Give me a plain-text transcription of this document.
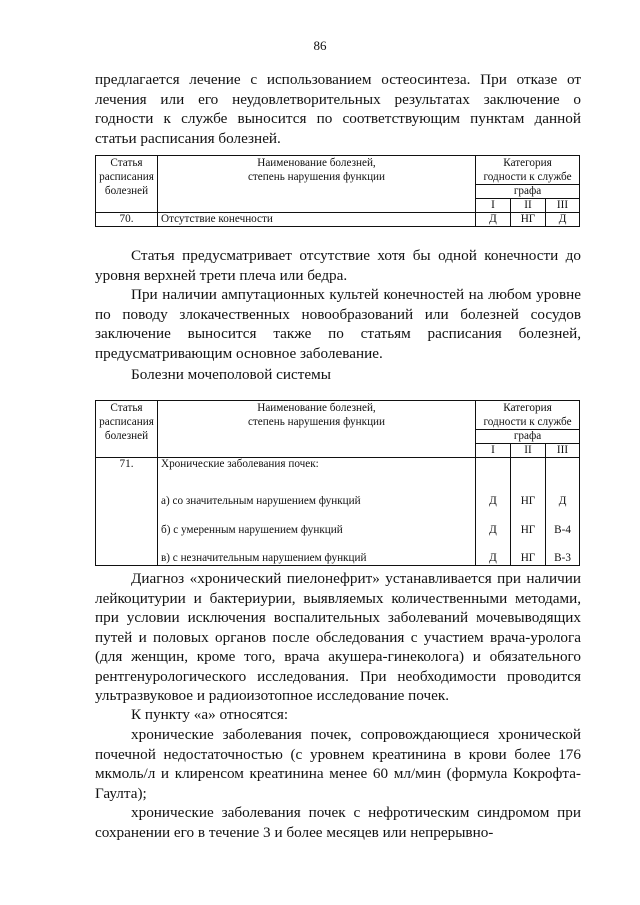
86

предлагается лечение с использованием остеосинтеза. При отказе от лечения или его неудовлетворительных результатах заключение о годности к службе выносится по соответствующим пунктам данной статьи расписания болезней.

Статья
расписания
болезней	Наименование болезней,
степень нарушения функции	Категория
годности к службе		
		графа		
		I	II	III
70.	Отсутствие конечности	Д	НГ	Д

Статья предусматривает отсутствие хотя бы одной конечности до уровня верхней трети плеча или бедра.

При наличии ампутационных культей конечностей на любом уровне по поводу злокачественных новообразований или болезней сосудов заключение выносится также по статьям расписания болезней, предусматривающим основное заболевание.

Болезни мочеполовой системы

Статья
расписания
болезней	Наименование болезней,
степень нарушения функции	Категория
годности к службе		
		графа		
		I	II	III
71.	Хронические заболевания почек:			
	а) со значительным нарушением функций	Д	НГ	Д
	б) с умеренным нарушением функций	Д	НГ	В-4
	в) с незначительным нарушением функций	Д	НГ	В-3

Диагноз «хронический пиелонефрит» устанавливается при наличии лейкоцитурии и бактериурии, выявляемых количественными методами, при условии исключения воспалительных заболеваний мочевыводящих путей и половых органов после обследования с участием врача-уролога (для женщин, кроме того, врача акушера-гинеколога) и обязательного рентгенурологического исследования. При необходимости проводится ультразвуковое и радиоизотопное исследование почек.

К пункту «а» относятся:

хронические заболевания почек, сопровождающиеся хронической почечной недостаточностью (с уровнем креатинина в крови более 176 мкмоль/л и клиренсом креатинина менее 60 мл/мин (формула Кокрофта-Гаулта);

хронические заболевания почек с нефротическим синдромом при сохранении его в течение 3 и более месяцев или непрерывно-
